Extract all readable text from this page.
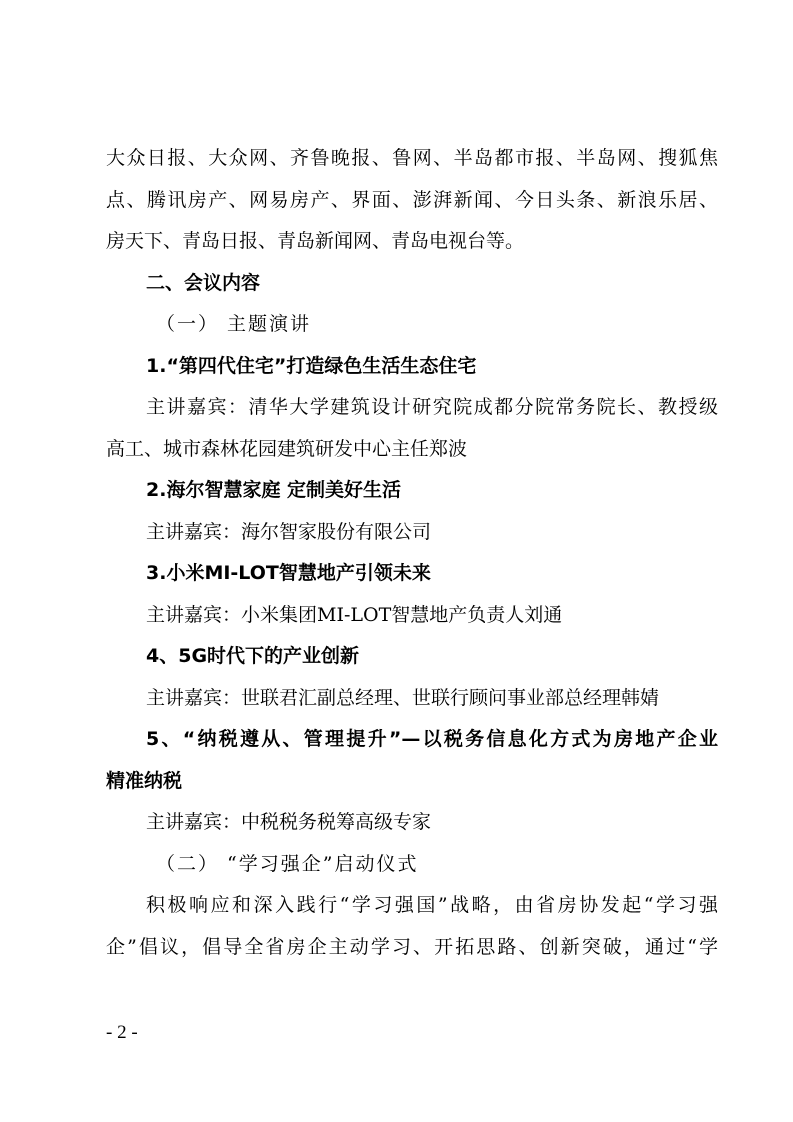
大众日报、大众网、齐鲁晚报、鲁网、半岛都市报、半岛网、搜狐焦
点、腾讯房产、网易房产、界面、澎湃新闻、今日头条、新浪乐居、
房天下、青岛日报、青岛新闻网、青岛电视台等。
二、会议内容
（一） 主题演讲
1.“第四代住宅”打造绿色生活生态住宅
主讲嘉宾：清华大学建筑设计研究院成都分院常务院长、教授级
高工、城市森林花园建筑研发中心主任郑波
2.海尔智慧家庭 定制美好生活
主讲嘉宾：海尔智家股份有限公司
3.小米MI-LOT智慧地产引领未来
主讲嘉宾：小米集团MI-LOT智慧地产负责人刘通
4、5G时代下的产业创新
主讲嘉宾：世联君汇副总经理、世联行顾问事业部总经理韩婧
5、“纳税遵从、管理提升”—以税务信息化方式为房地产企业
精准纳税
主讲嘉宾：中税税务税筹高级专家
（二） “学习强企”启动仪式
积极响应和深入践行“学习强国”战略，由省房协发起“学习强
企”倡议，倡导全省房企主动学习、开拓思路、创新突破，通过“学
- 2 -
